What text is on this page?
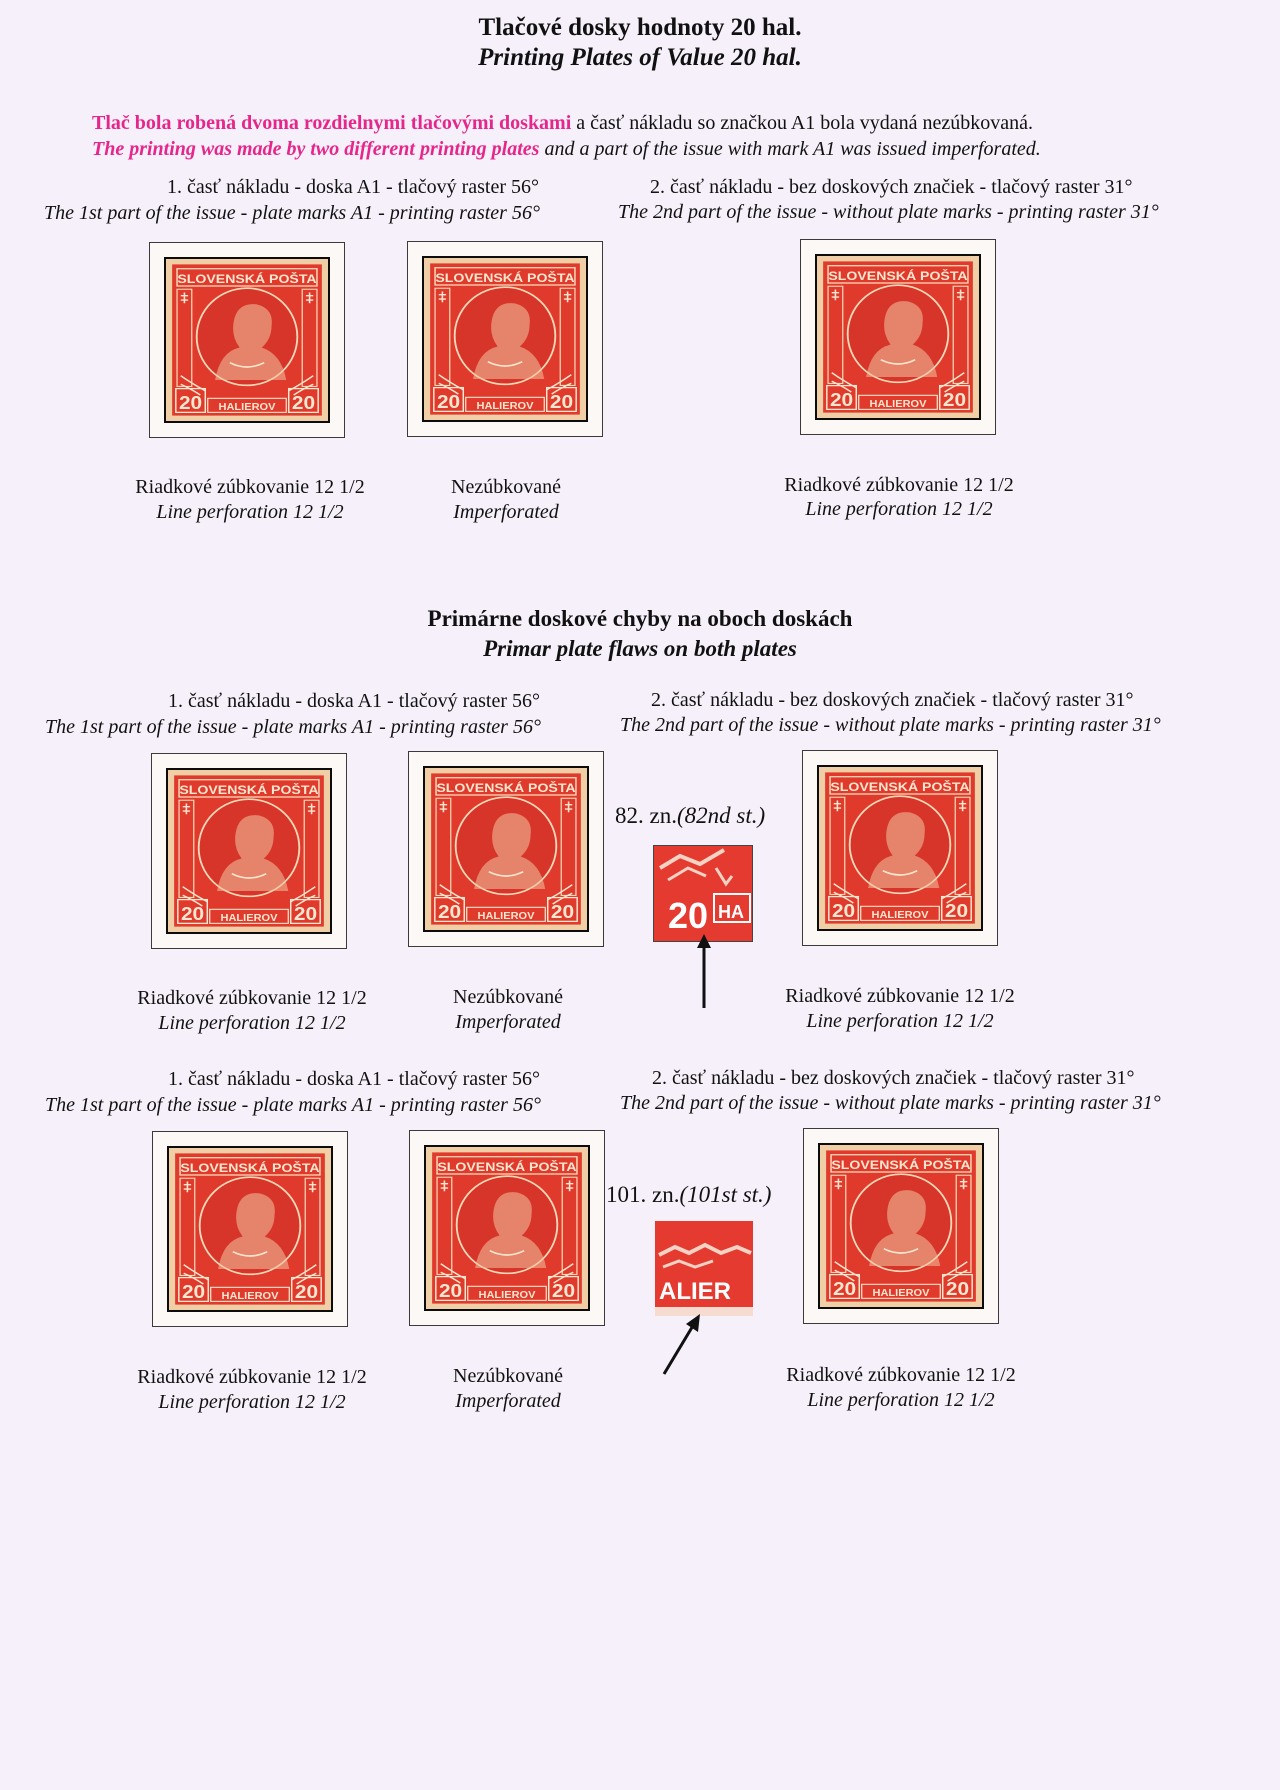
Tlačové dosky hodnoty 20 hal.
Printing Plates of Value 20 hal.
Tlač bola robená dvoma rozdielnymi tlačovými doskami a časť nákladu so značkou A1 bola vydaná nezúbkovaná.
The printing was made by two different printing plates and a part of the issue with mark A1 was issued imperforated.
1. časť nákladu - doska A1 - tlačový raster 56°
The 1st part of the issue - plate marks A1 - printing raster 56°
2. časť nákladu - bez doskových značiek - tlačový raster 31°
The 2nd part of the issue - without plate marks - printing raster 31°
SLOVENSKÁ POŠTA
20	20
HALIEROV
SLOVENSKÁ POŠTA
20	20
HALIEROV
SLOVENSKÁ POŠTA
20	20
HALIEROV
Riadkové zúbkovanie 12 1/2
Line perforation 12 1/2
Nezúbkované
Imperforated
Riadkové zúbkovanie 12 1/2
Line perforation 12 1/2
Primárne doskové chyby na oboch doskách
Primar plate flaws on both plates
1. časť nákladu - doska A1 - tlačový raster 56°
The 1st part of the issue - plate marks A1 - printing raster 56°
2. časť nákladu - bez doskových značiek - tlačový raster 31°
The 2nd part of the issue - without plate marks - printing raster 31°
SLOVENSKÁ POŠTA
20	20
HALIEROV
SLOVENSKÁ POŠTA
20	20
HALIEROV
SLOVENSKÁ POŠTA
20	20
HALIEROV
82. zn.(82nd st.)
20 HA
Riadkové zúbkovanie 12 1/2
Line perforation 12 1/2
Nezúbkované
Imperforated
Riadkové zúbkovanie 12 1/2
Line perforation 12 1/2
1. časť nákladu - doska A1 - tlačový raster 56°
The 1st part of the issue - plate marks A1 - printing raster 56°
2. časť nákladu - bez doskových značiek - tlačový raster 31°
The 2nd part of the issue - without plate marks - printing raster 31°
SLOVENSKÁ POŠTA
20	20
HALIEROV
SLOVENSKÁ POŠTA
20	20
HALIEROV
SLOVENSKÁ POŠTA
20	20
HALIEROV
101. zn.(101st st.)
ALIER
Riadkové zúbkovanie 12 1/2
Line perforation 12 1/2
Nezúbkované
Imperforated
Riadkové zúbkovanie 12 1/2
Line perforation 12 1/2
